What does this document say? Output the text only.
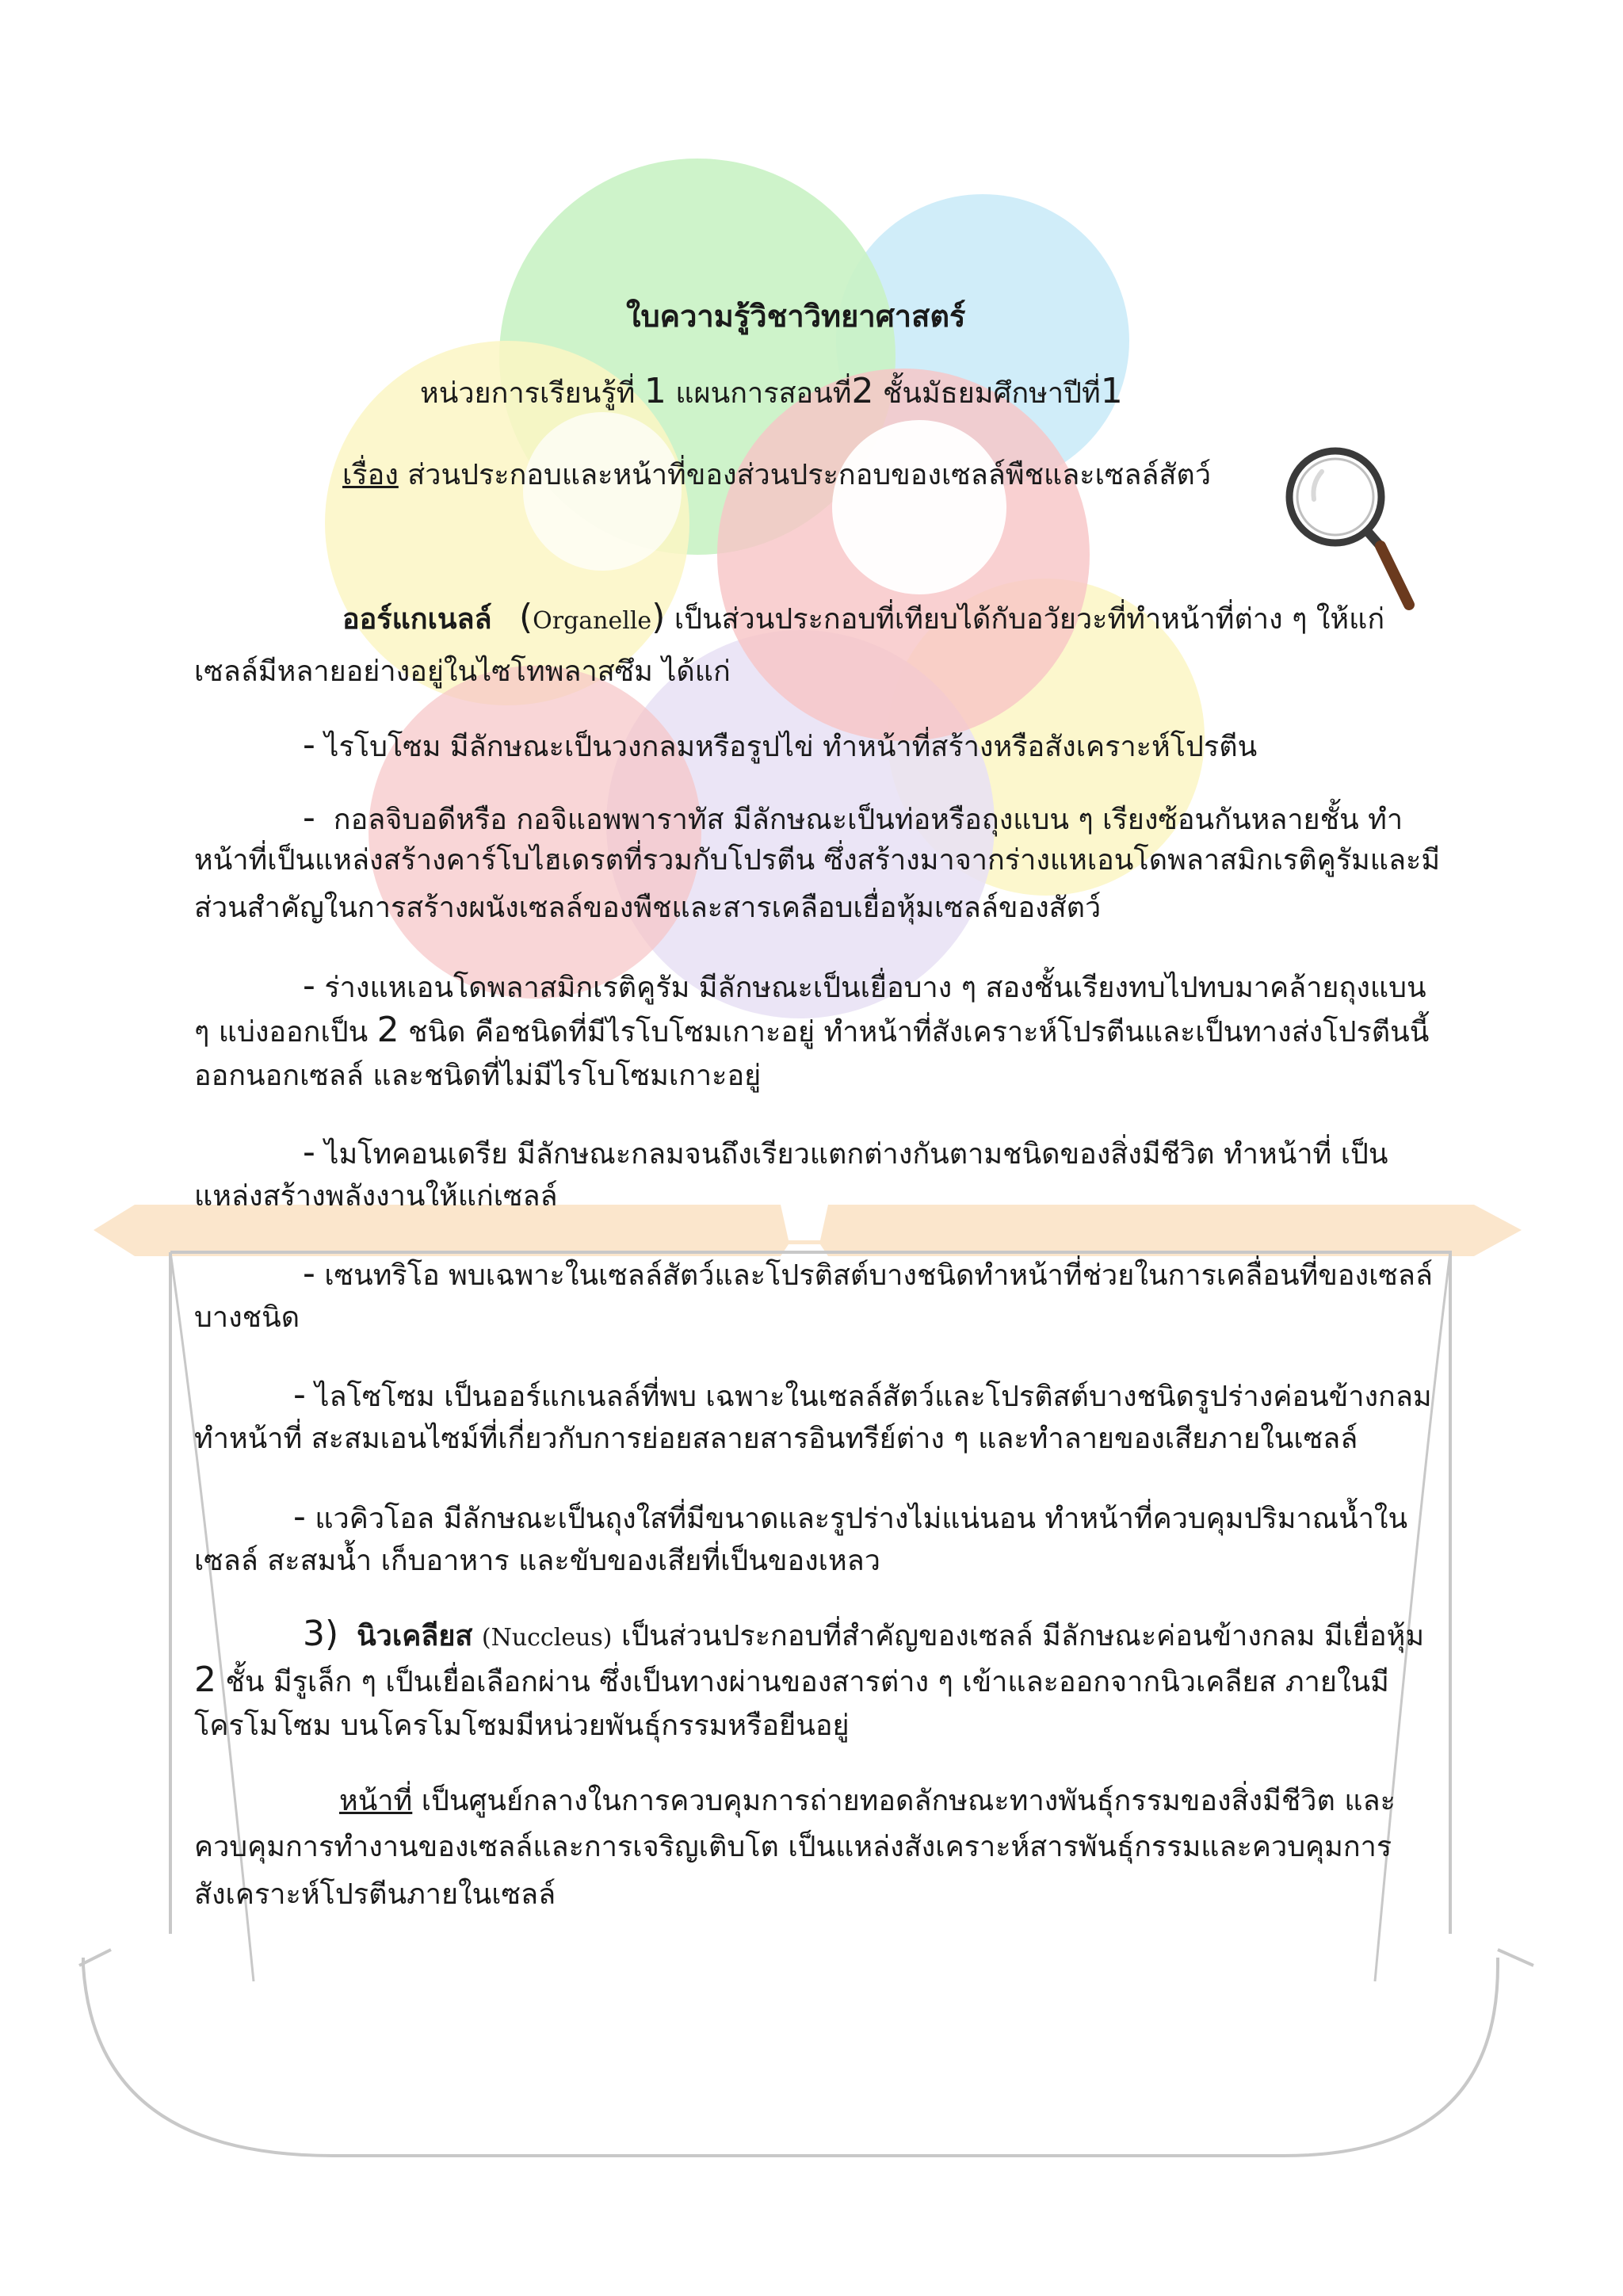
ใบความรู้วิชาวิทยาศาสตร์
หน่วยการเรียนรู้ที่ 1 แผนการสอนที่2 ชั้นมัธยมศึกษาปีที่1
เรื่อง ส่วนประกอบและหน้าที่ของส่วนประกอบของเซลล์พืชและเซลล์สัตว์
ออร์แกเนลล์ (Organelle) เป็นส่วนประกอบที่เทียบได้กับอวัยวะที่ทำหน้าที่ต่าง ๆ ให้แก่
เซลล์มีหลายอย่างอยู่ในไซโทพลาสซึม ได้แก่
- ไรโบโซม มีลักษณะเป็นวงกลมหรือรูปไข่ ทำหน้าที่สร้างหรือสังเคราะห์โปรตีน
- กอลจิบอดีหรือ กอจิแอพพาราทัส มีลักษณะเป็นท่อหรือถุงแบน ๆ เรียงซ้อนกันหลายชั้น ทำ
หน้าที่เป็นแหล่งสร้างคาร์โบไฮเดรตที่รวมกับโปรตีน ซึ่งสร้างมาจากร่างแหเอนโดพลาสมิกเรติคูรัมและมี
ส่วนสำคัญในการสร้างผนังเซลล์ของพืชและสารเคลือบเยื่อหุ้มเซลล์ของสัตว์
- ร่างแหเอนโดพลาสมิกเรติคูรัม มีลักษณะเป็นเยื่อบาง ๆ สองชั้นเรียงทบไปทบมาคล้ายถุงแบน
ๆ แบ่งออกเป็น 2 ชนิด คือชนิดที่มีไรโบโซมเกาะอยู่ ทำหน้าที่สังเคราะห์โปรตีนและเป็นทางส่งโปรตีนนี้
ออกนอกเซลล์ และชนิดที่ไม่มีไรโบโซมเกาะอยู่
- ไมโทคอนเดรีย มีลักษณะกลมจนถึงเรียวแตกต่างกันตามชนิดของสิ่งมีชีวิต ทำหน้าที่ เป็น
แหล่งสร้างพลังงานให้แก่เซลล์
- เซนทริโอ พบเฉพาะในเซลล์สัตว์และโปรติสต์บางชนิดทำหน้าที่ช่วยในการเคลื่อนที่ของเซลล์
บางชนิด
- ไลโซโซม เป็นออร์แกเนลล์ที่พบ เฉพาะในเซลล์สัตว์และโปรติสต์บางชนิดรูปร่างค่อนข้างกลม
ทำหน้าที่ สะสมเอนไซม์ที่เกี่ยวกับการย่อยสลายสารอินทรีย์ต่าง ๆ และทำลายของเสียภายในเซลล์
- แวคิวโอล มีลักษณะเป็นถุงใสที่มีขนาดและรูปร่างไม่แน่นอน ทำหน้าที่ควบคุมปริมาณน้ำใน
เซลล์ สะสมน้ำ เก็บอาหาร และขับของเสียที่เป็นของเหลว
3) นิวเคลียส (Nuccleus) เป็นส่วนประกอบที่สำคัญของเซลล์ มีลักษณะค่อนข้างกลม มีเยื่อหุ้ม
2 ชั้น มีรูเล็ก ๆ เป็นเยื่อเลือกผ่าน ซึ่งเป็นทางผ่านของสารต่าง ๆ เข้าและออกจากนิวเคลียส ภายในมี
โครโมโซม บนโครโมโซมมีหน่วยพันธุ์กรรมหรือยีนอยู่
หน้าที่ เป็นศูนย์กลางในการควบคุมการถ่ายทอดลักษณะทางพันธุ์กรรมของสิ่งมีชีวิต และ
ควบคุมการทำงานของเซลล์และการเจริญเติบโต เป็นแหล่งสังเคราะห์สารพันธุ์กรรมและควบคุมการ
สังเคราะห์โปรตีนภายในเซลล์
